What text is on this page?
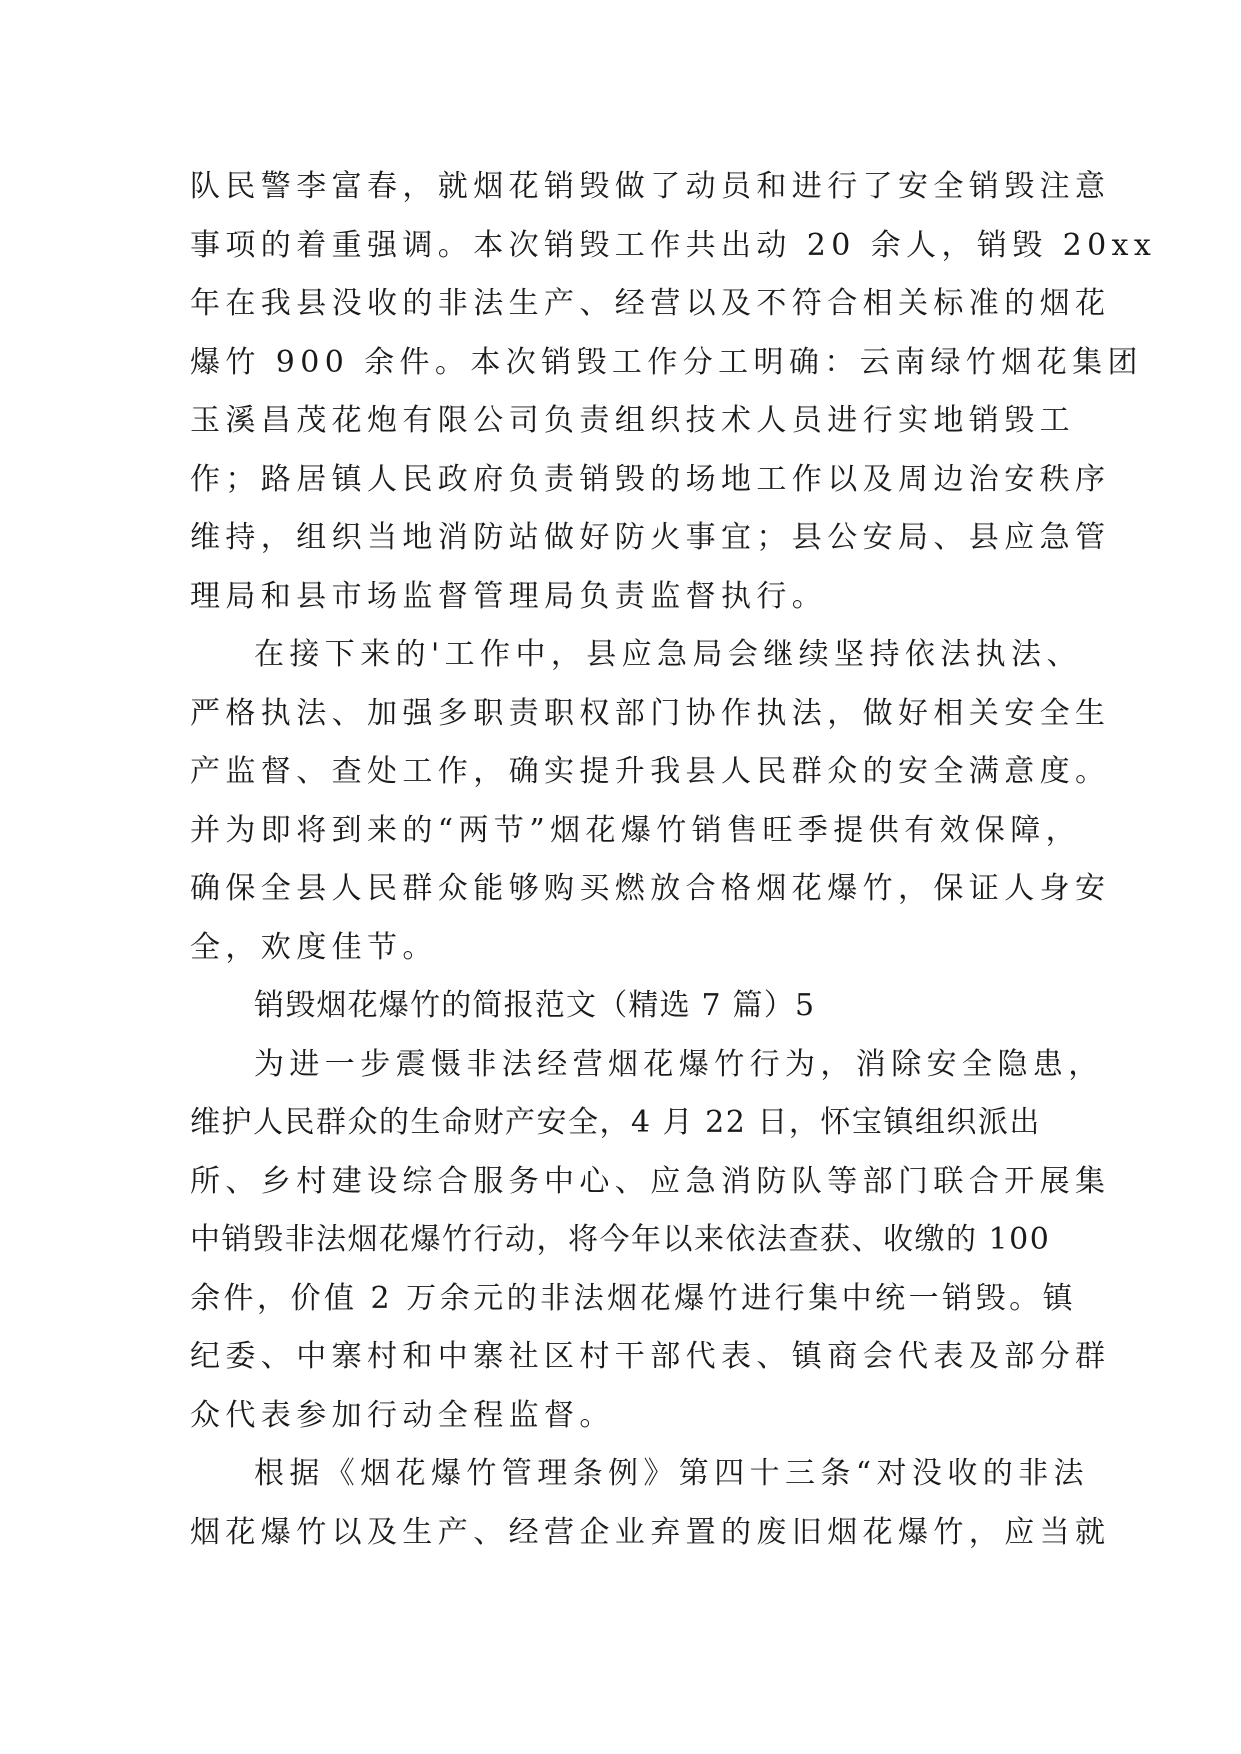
队民警李富春，就烟花销毁做了动员和进行了安全销毁注意
事项的着重强调。本次销毁工作共出动 20 余人，销毁 20xx
年在我县没收的非法生产、经营以及不符合相关标准的烟花
爆竹 900 余件。本次销毁工作分工明确：云南绿竹烟花集团
玉溪昌茂花炮有限公司负责组织技术人员进行实地销毁工
作；路居镇人民政府负责销毁的场地工作以及周边治安秩序
维持，组织当地消防站做好防火事宜；县公安局、县应急管
理局和县市场监督管理局负责监督执行。
在接下来的'工作中，县应急局会继续坚持依法执法、
严格执法、加强多职责职权部门协作执法，做好相关安全生
产监督、查处工作，确实提升我县人民群众的安全满意度。
并为即将到来的“两节”烟花爆竹销售旺季提供有效保障，
确保全县人民群众能够购买燃放合格烟花爆竹，保证人身安
全，欢度佳节。
销毁烟花爆竹的简报范文（精选 7 篇）5
为进一步震慑非法经营烟花爆竹行为，消除安全隐患，
维护人民群众的生命财产安全，4 月 22 日，怀宝镇组织派出
所、乡村建设综合服务中心、应急消防队等部门联合开展集
中销毁非法烟花爆竹行动，将今年以来依法查获、收缴的 100
余件，价值 2 万余元的非法烟花爆竹进行集中统一销毁。镇
纪委、中寨村和中寨社区村干部代表、镇商会代表及部分群
众代表参加行动全程监督。
根据《烟花爆竹管理条例》第四十三条“对没收的非法
烟花爆竹以及生产、经营企业弃置的废旧烟花爆竹，应当就
